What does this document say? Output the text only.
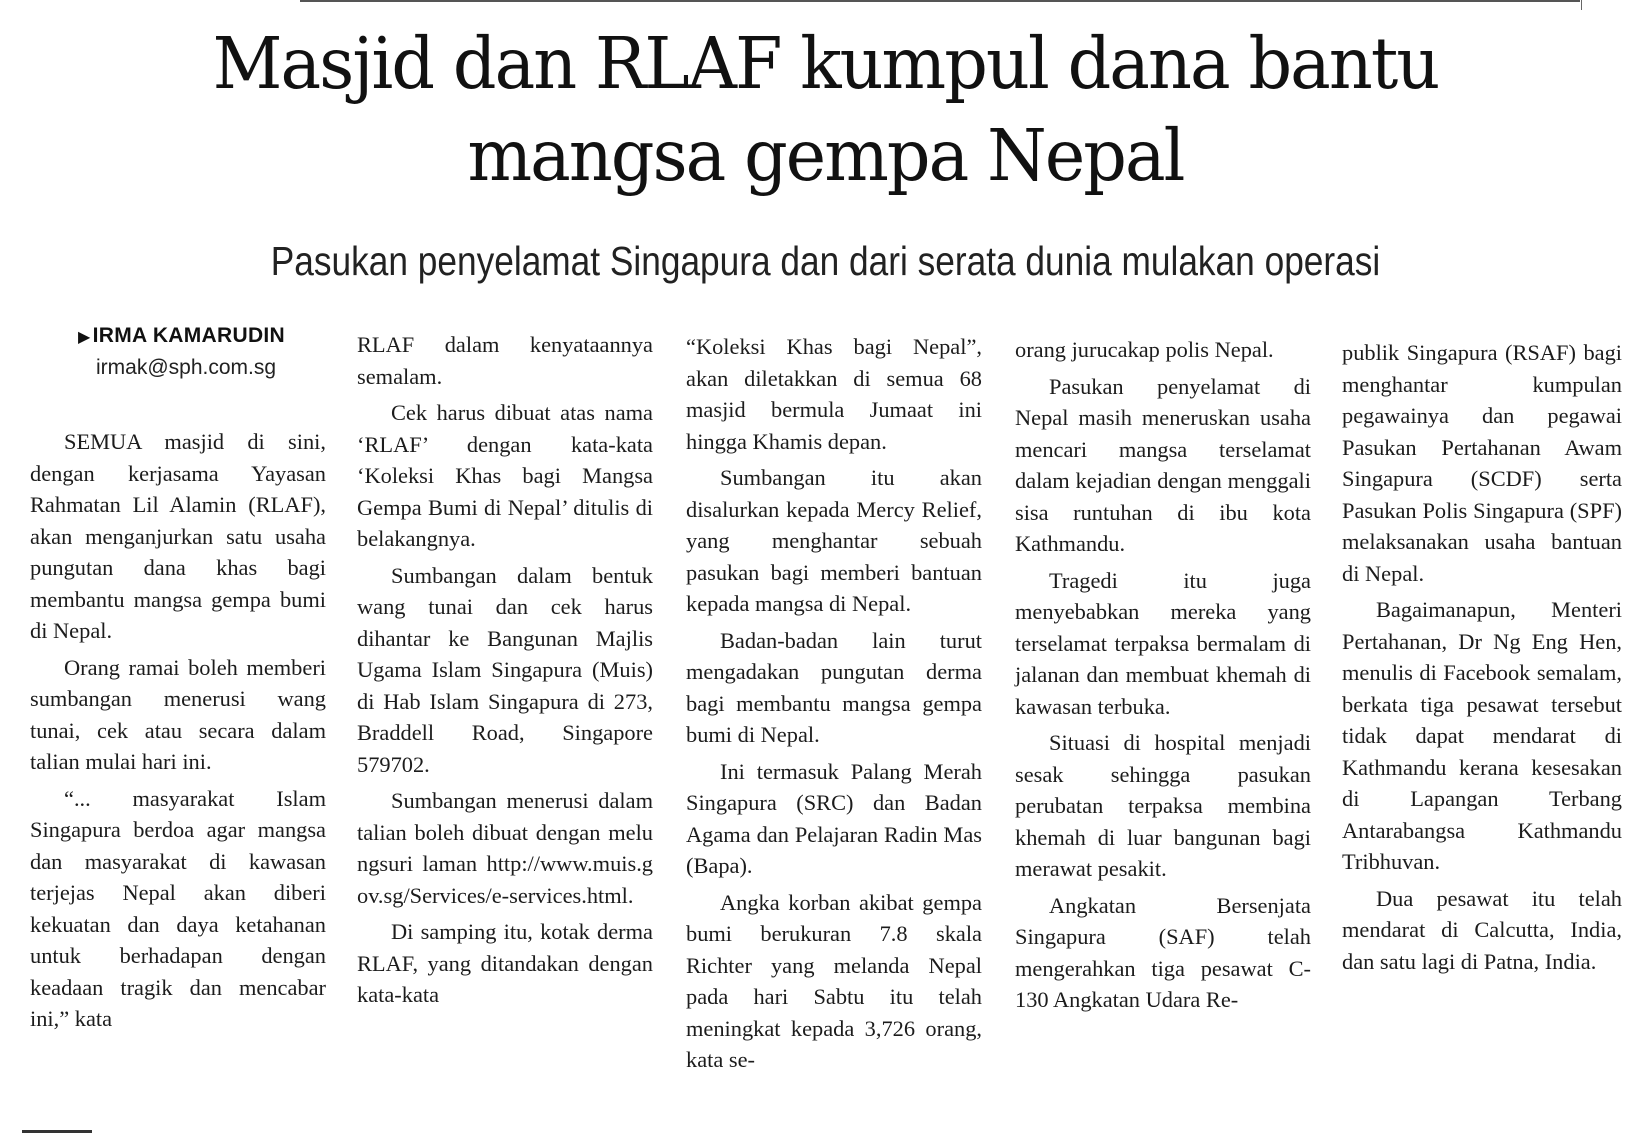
Masjid dan RLAF kumpul dana bantu
mangsa gempa Nepal
Pasukan penyelamat Singapura dan dari serata dunia mulakan operasi
▶IRMA KAMARUDIN
irmak@sph.com.sg

SEMUA masjid di sini, dengan kerjasama Yayasan Rahmatan Lil Alamin (RLAF), akan menganjurkan satu usaha pungutan dana khas bagi membantu mangsa gempa bumi di Nepal.

Orang ramai boleh memberi sumbangan menerusi wang tunai, cek atau secara dalam talian mulai hari ini.

“... masyarakat Islam Singapura berdoa agar mangsa dan masyarakat di kawasan terjejas Nepal akan diberi kekuatan dan daya ketahanan untuk berhadapan dengan keadaan tragik dan mencabar ini,” kata

RLAF dalam kenyataannya semalam.

Cek harus dibuat atas nama ‘RLAF’ dengan kata-kata ‘Koleksi Khas bagi Mangsa Gempa Bumi di Nepal’ ditulis di belakangnya.

Sumbangan dalam bentuk wang tunai dan cek harus dihantar ke Bangunan Majlis Ugama Islam Singapura (Muis) di Hab Islam Singapura di 273, Braddell Road, Singapore 579702.

Sumbangan menerusi dalam talian boleh dibuat dengan melungsuri laman http://www.muis.gov.sg/Services/e-services.html.

Di samping itu, kotak derma RLAF, yang ditandakan dengan kata-kata

“Koleksi Khas bagi Nepal”, akan diletakkan di semua 68 masjid bermula Jumaat ini hingga Khamis depan.

Sumbangan itu akan disalurkan kepada Mercy Relief, yang menghantar sebuah pasukan bagi memberi bantuan kepada mangsa di Nepal.

Badan-badan lain turut mengadakan pungutan derma bagi membantu mangsa gempa bumi di Nepal.

Ini termasuk Palang Merah Singapura (SRC) dan Badan Agama dan Pelajaran Radin Mas (Bapa).

Angka korban akibat gempa bumi berukuran 7.8 skala Richter yang melanda Nepal pada hari Sabtu itu telah meningkat kepada 3,726 orang, kata se-

orang jurucakap polis Nepal.

Pasukan penyelamat di Nepal masih meneruskan usaha mencari mangsa terselamat dalam kejadian dengan menggali sisa runtuhan di ibu kota Kathmandu.

Tragedi itu juga menyebabkan mereka yang terselamat terpaksa bermalam di jalanan dan membuat khemah di kawasan terbuka.

Situasi di hospital menjadi sesak sehingga pasukan perubatan terpaksa membina khemah di luar bangunan bagi merawat pesakit.

Angkatan Bersenjata Singapura (SAF) telah mengerahkan tiga pesawat C-130 Angkatan Udara Re-

publik Singapura (RSAF) bagi menghantar kumpulan pegawainya dan pegawai Pasukan Pertahanan Awam Singapura (SCDF) serta Pasukan Polis Singapura (SPF) melaksanakan usaha bantuan di Nepal.

Bagaimanapun, Menteri Pertahanan, Dr Ng Eng Hen, menulis di Facebook semalam, berkata tiga pesawat tersebut tidak dapat mendarat di Kathmandu kerana kesesakan di Lapangan Terbang Antarabangsa Kathmandu Tribhuvan.

Dua pesawat itu telah mendarat di Calcutta, India, dan satu lagi di Patna, India.
